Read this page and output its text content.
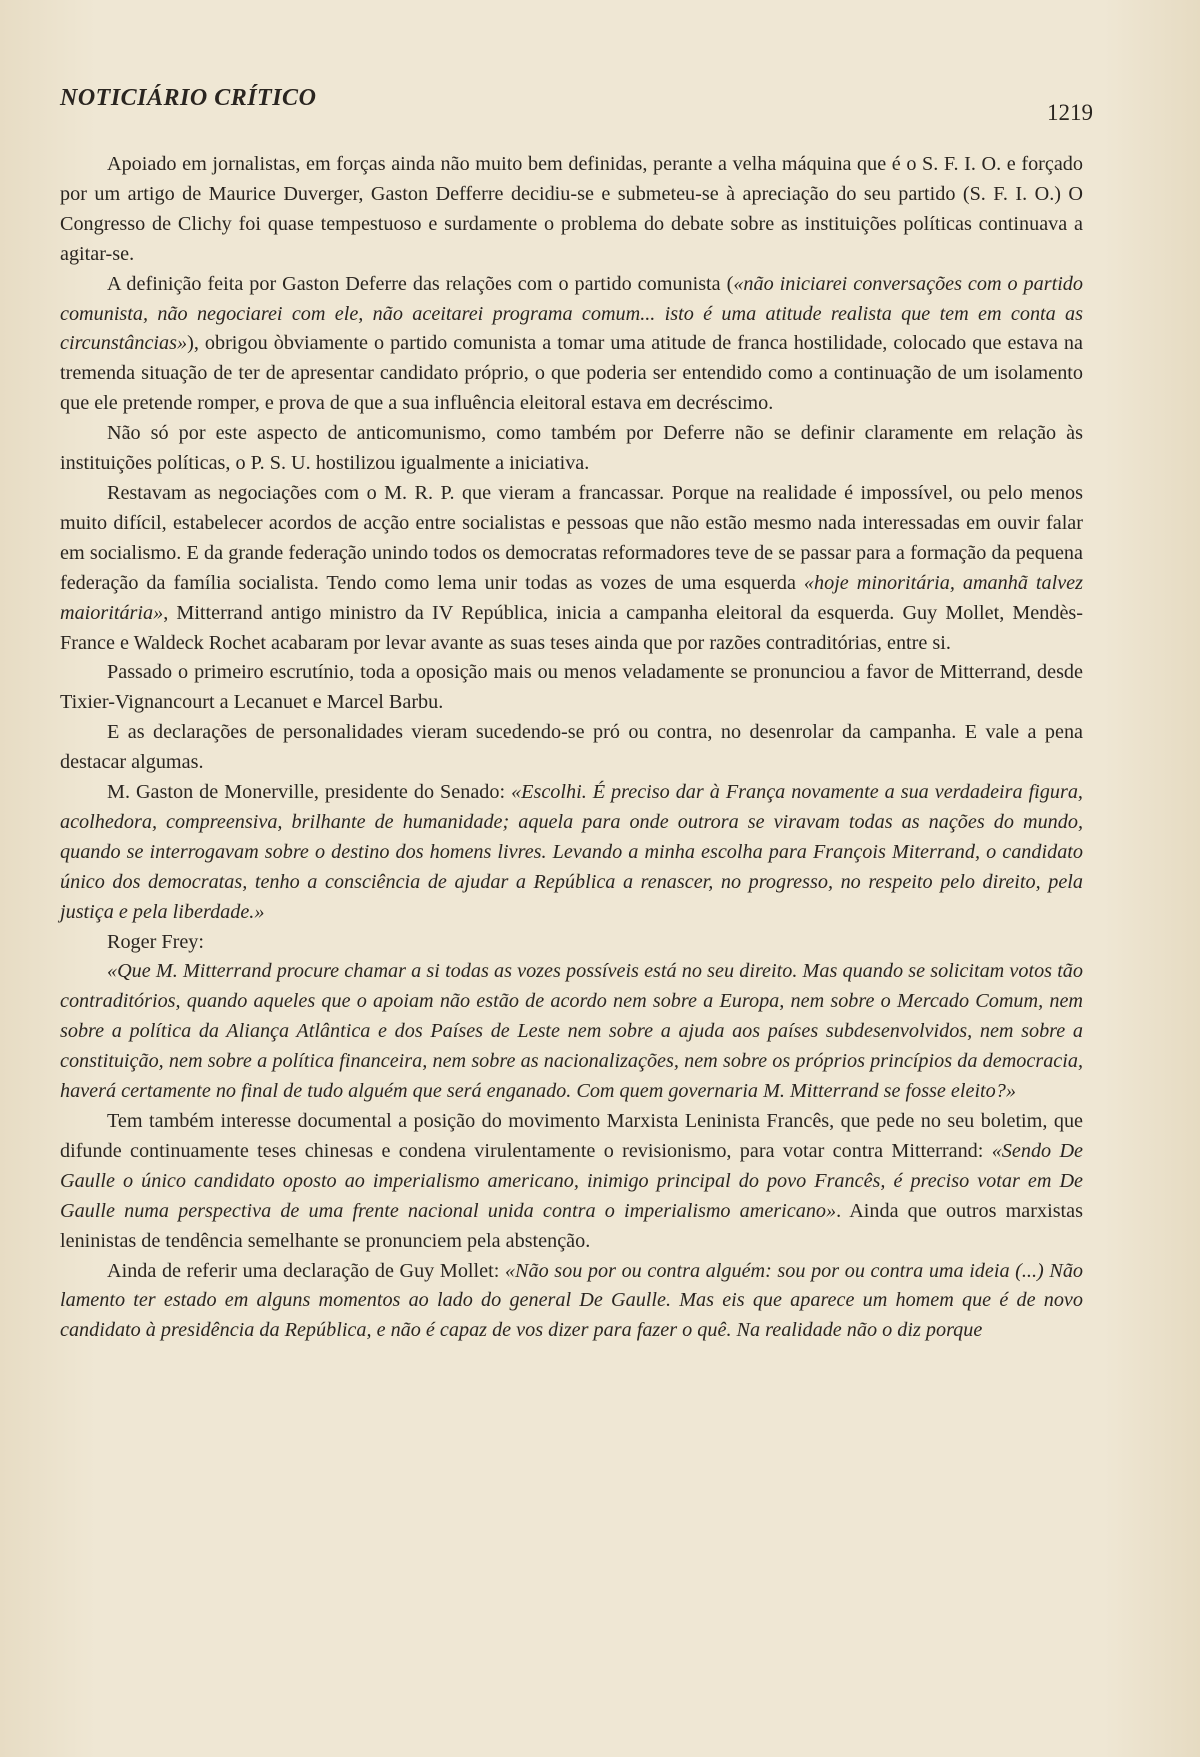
NOTICIÁRIO CRÍTICO
1219

Apoiado em jornalistas, em forças ainda não muito bem definidas, perante a velha máquina que é o S. F. I. O. e forçado por um artigo de Maurice Duverger, Gaston Defferre decidiu-se e submeteu-se à apreciação do seu partido (S. F. I. O.) O Congresso de Clichy foi quase tempestuoso e surdamente o problema do debate sobre as instituições políticas continuava a agitar-se.

A definição feita por Gaston Deferre das relações com o partido comunista («não iniciarei conversações com o partido comunista, não negociarei com ele, não aceitarei programa comum... isto é uma atitude realista que tem em conta as circunstâncias»), obrigou òbviamente o partido comunista a tomar uma atitude de franca hostilidade, colocado que estava na tremenda situação de ter de apresentar candidato próprio, o que poderia ser entendido como a continuação de um isolamento que ele pretende romper, e prova de que a sua influência eleitoral estava em decréscimo.

Não só por este aspecto de anticomunismo, como também por Deferre não se definir claramente em relação às instituições políticas, o P. S. U. hostilizou igualmente a iniciativa.

Restavam as negociações com o M. R. P. que vieram a francassar. Porque na realidade é impossível, ou pelo menos muito difícil, estabelecer acordos de acção entre socialistas e pessoas que não estão mesmo nada interessadas em ouvir falar em socialismo. E da grande federação unindo todos os democratas reformadores teve de se passar para a formação da pequena federação da família socialista. Tendo como lema unir todas as vozes de uma esquerda «hoje minoritária, amanhã talvez maioritária», Mitterrand antigo ministro da IV República, inicia a campanha eleitoral da esquerda. Guy Mollet, Mendès-France e Waldeck Rochet acabaram por levar avante as suas teses ainda que por razões contraditórias, entre si.

Passado o primeiro escrutínio, toda a oposição mais ou menos veladamente se pronunciou a favor de Mitterrand, desde Tixier-Vignancourt a Lecanuet e Marcel Barbu.

E as declarações de personalidades vieram sucedendo-se pró ou contra, no desenrolar da campanha. E vale a pena destacar algumas.

M. Gaston de Monerville, presidente do Senado: «Escolhi. É preciso dar à França novamente a sua verdadeira figura, acolhedora, compreensiva, brilhante de humanidade; aquela para onde outrora se viravam todas as nações do mundo, quando se interrogavam sobre o destino dos homens livres. Levando a minha escolha para François Miterrand, o candidato único dos democratas, tenho a consciência de ajudar a República a renascer, no progresso, no respeito pelo direito, pela justiça e pela liberdade.»

Roger Frey:

«Que M. Mitterrand procure chamar a si todas as vozes possíveis está no seu direito. Mas quando se solicitam votos tão contraditórios, quando aqueles que o apoiam não estão de acordo nem sobre a Europa, nem sobre o Mercado Comum, nem sobre a política da Aliança Atlântica e dos Países de Leste nem sobre a ajuda aos países subdesenvolvidos, nem sobre a constituição, nem sobre a política financeira, nem sobre as nacionalizações, nem sobre os próprios princípios da democracia, haverá certamente no final de tudo alguém que será enganado. Com quem governaria M. Mitterrand se fosse eleito?»

Tem também interesse documental a posição do movimento Marxista Leninista Francês, que pede no seu boletim, que difunde continuamente teses chinesas e condena virulentamente o revisionismo, para votar contra Mitterrand: «Sendo De Gaulle o único candidato oposto ao imperialismo americano, inimigo principal do povo Francês, é preciso votar em De Gaulle numa perspectiva de uma frente nacional unida contra o imperialismo americano». Ainda que outros marxistas leninistas de tendência semelhante se pronunciem pela abstenção.

Ainda de referir uma declaração de Guy Mollet: «Não sou por ou contra alguém: sou por ou contra uma ideia (...) Não lamento ter estado em alguns momentos ao lado do general De Gaulle. Mas eis que aparece um homem que é de novo candidato à presidência da República, e não é capaz de vos dizer para fazer o quê. Na realidade não o diz porque
